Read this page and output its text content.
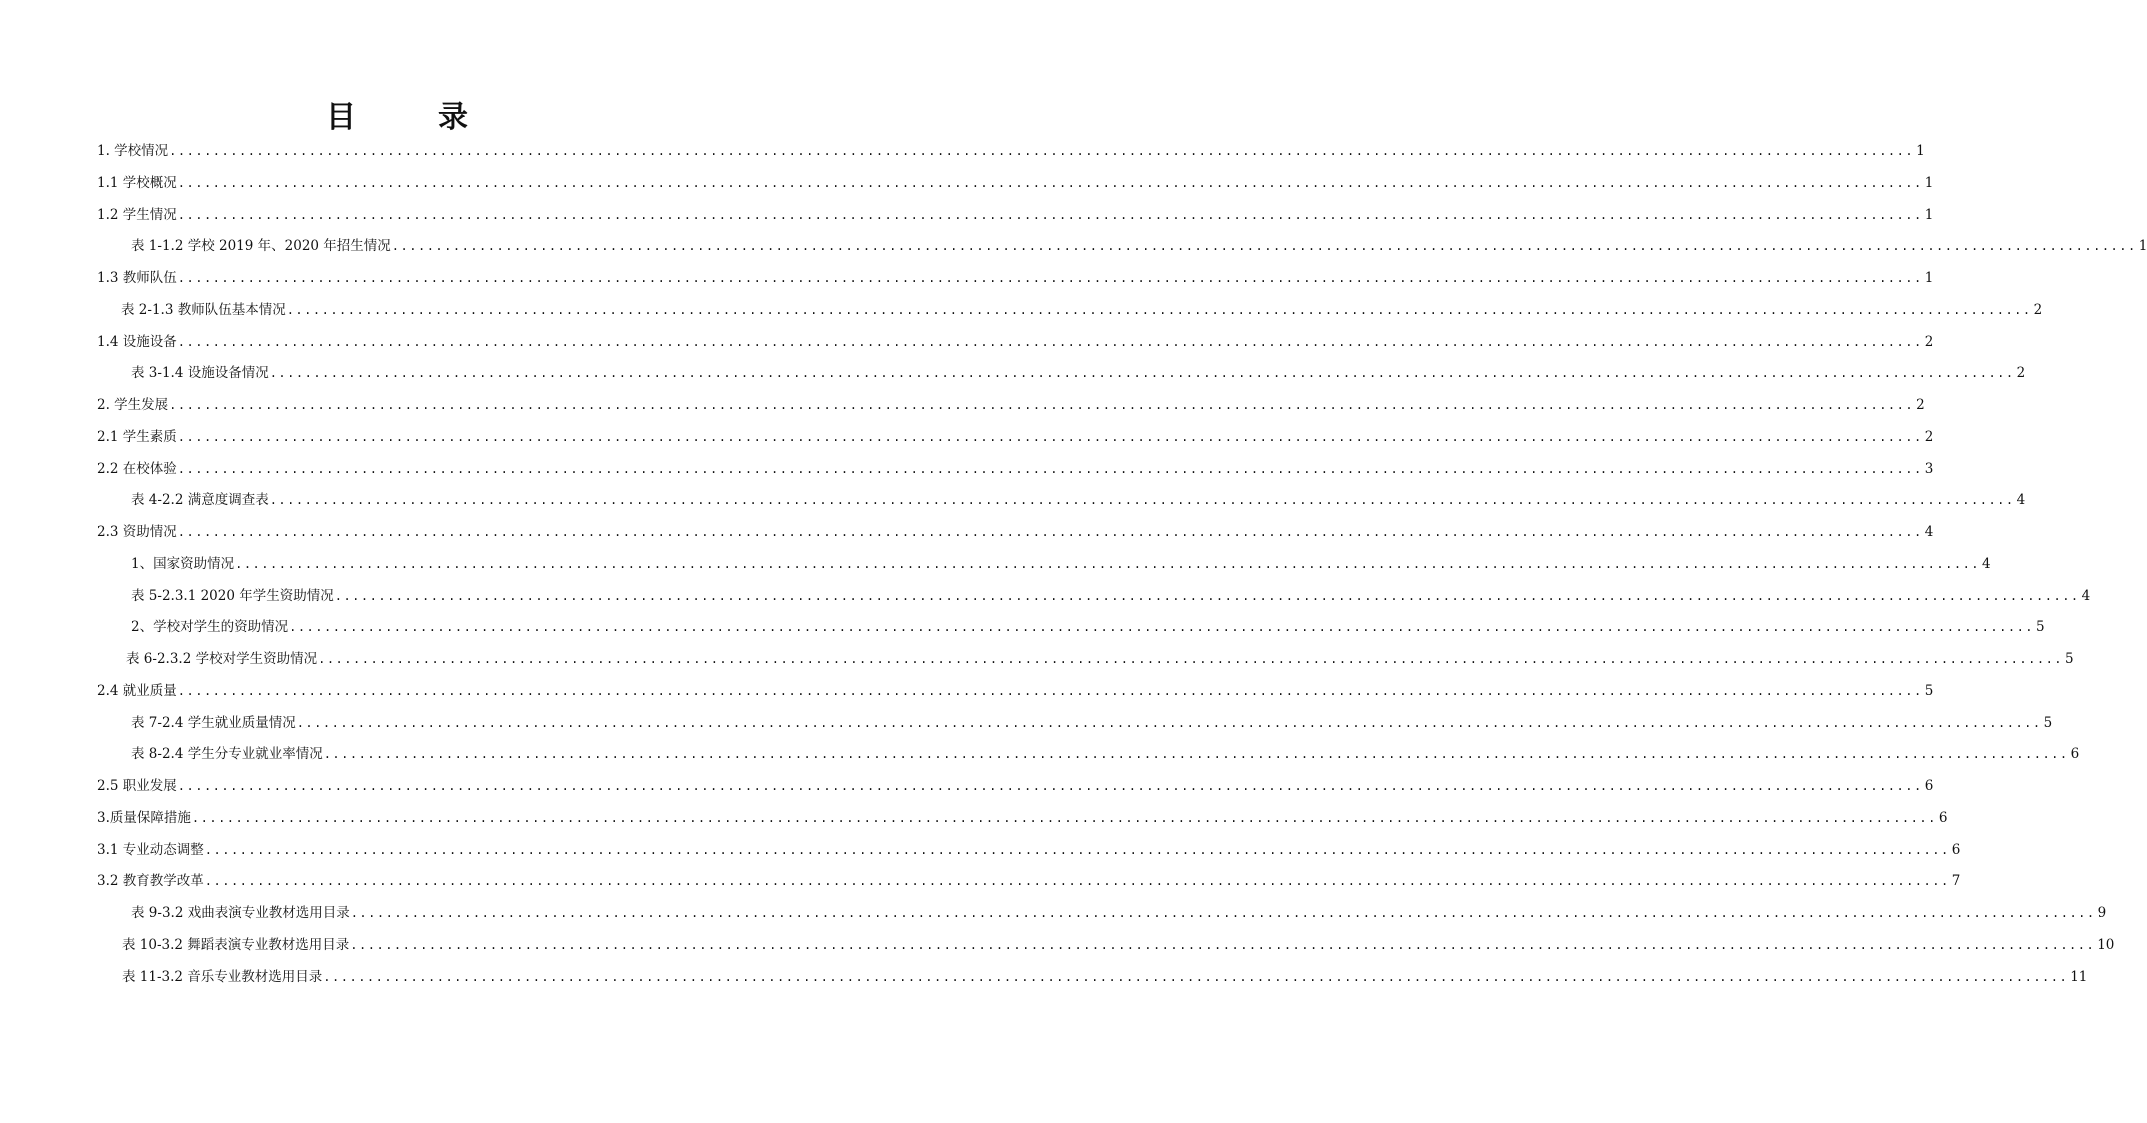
目　录
1. 学校情况 ........................................................................................................................................................................................................ 1
1.1 学校概况 ........................................................................................................................................................................................................ 1
1.2 学生情况 ........................................................................................................................................................................................................ 1
表 1-1.2 学校 2019 年、2020 年招生情况 ........................................................................................................................................................................................................ 1
1.3 教师队伍 ........................................................................................................................................................................................................ 1
表 2-1.3 教师队伍基本情况 ........................................................................................................................................................................................................ 2
1.4 设施设备 ........................................................................................................................................................................................................ 2
表 3-1.4 设施设备情况 ........................................................................................................................................................................................................ 2
2. 学生发展 ........................................................................................................................................................................................................ 2
2.1 学生素质 ........................................................................................................................................................................................................ 2
2.2 在校体验 ........................................................................................................................................................................................................ 3
表 4-2.2 满意度调查表 ........................................................................................................................................................................................................ 4
2.3 资助情况 ........................................................................................................................................................................................................ 4
1、国家资助情况 ........................................................................................................................................................................................................ 4
表 5-2.3.1 2020 年学生资助情况 ........................................................................................................................................................................................................ 4
2、学校对学生的资助情况 ........................................................................................................................................................................................................ 5
表 6-2.3.2 学校对学生资助情况 ........................................................................................................................................................................................................ 5
2.4 就业质量 ........................................................................................................................................................................................................ 5
表 7-2.4 学生就业质量情况 ........................................................................................................................................................................................................ 5
表 8-2.4 学生分专业就业率情况 ........................................................................................................................................................................................................ 6
2.5 职业发展 ........................................................................................................................................................................................................ 6
3.质量保障措施 ........................................................................................................................................................................................................ 6
3.1 专业动态调整 ........................................................................................................................................................................................................ 6
3.2 教育教学改革 ........................................................................................................................................................................................................ 7
表 9-3.2 戏曲表演专业教材选用目录 ........................................................................................................................................................................................................ 9
表 10-3.2 舞蹈表演专业教材选用目录 ........................................................................................................................................................................................................ 10
表 11-3.2 音乐专业教材选用目录 ........................................................................................................................................................................................................ 11
